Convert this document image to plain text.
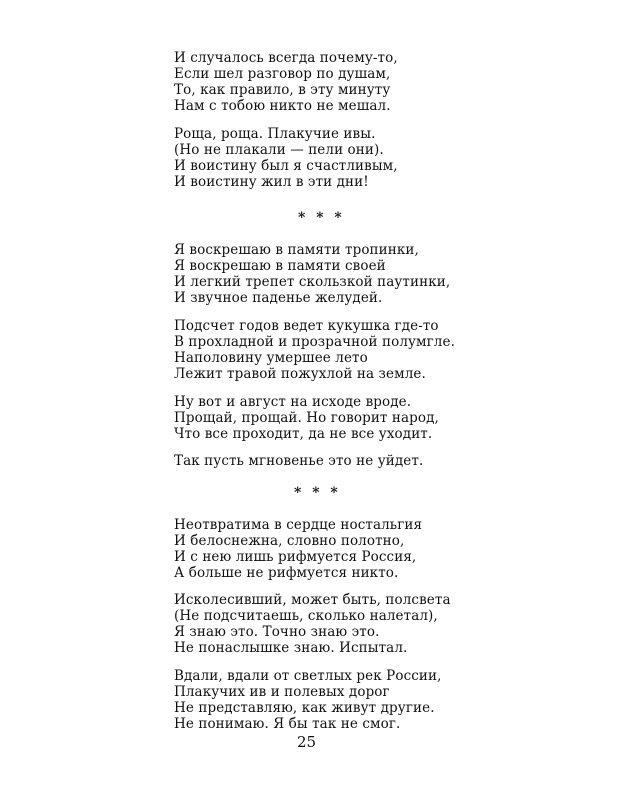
И случалось всегда почему-то,
Если шел разговор по душам,
То, как правило, в эту минуту
Нам с тобою никто не мешал.
Роща, роща. Плакучие ивы.
(Но не плакали — пели они).
И воистину был я счастливым,
И воистину жил в эти дни!
* * *
Я воскрешаю в памяти тропинки,
Я воскрешаю в памяти своей
И легкий трепет скользкой паутинки,
И звучное паденье желудей.
Подсчет годов ведет кукушка где-то
В прохладной и прозрачной полумгле.
Наполовину умершее лето
Лежит травой пожухлой на земле.
Ну вот и август на исходе вроде.
Прощай, прощай. Но говорит народ,
Что все проходит, да не все уходит.
Так пусть мгновенье это не уйдет.
* * *
Неотвратима в сердце ностальгия
И белоснежна, словно полотно,
И с нею лишь рифмуется Россия,
А больше не рифмуется никто.
Исколесивший, может быть, полсвета
(Не подсчитаешь, сколько налетал),
Я знаю это. Точно знаю это.
Не понаслышке знаю. Испытал.
Вдали, вдали от светлых рек России,
Плакучих ив и полевых дорог
Не представляю, как живут другие.
Не понимаю. Я бы так не смог.
25
